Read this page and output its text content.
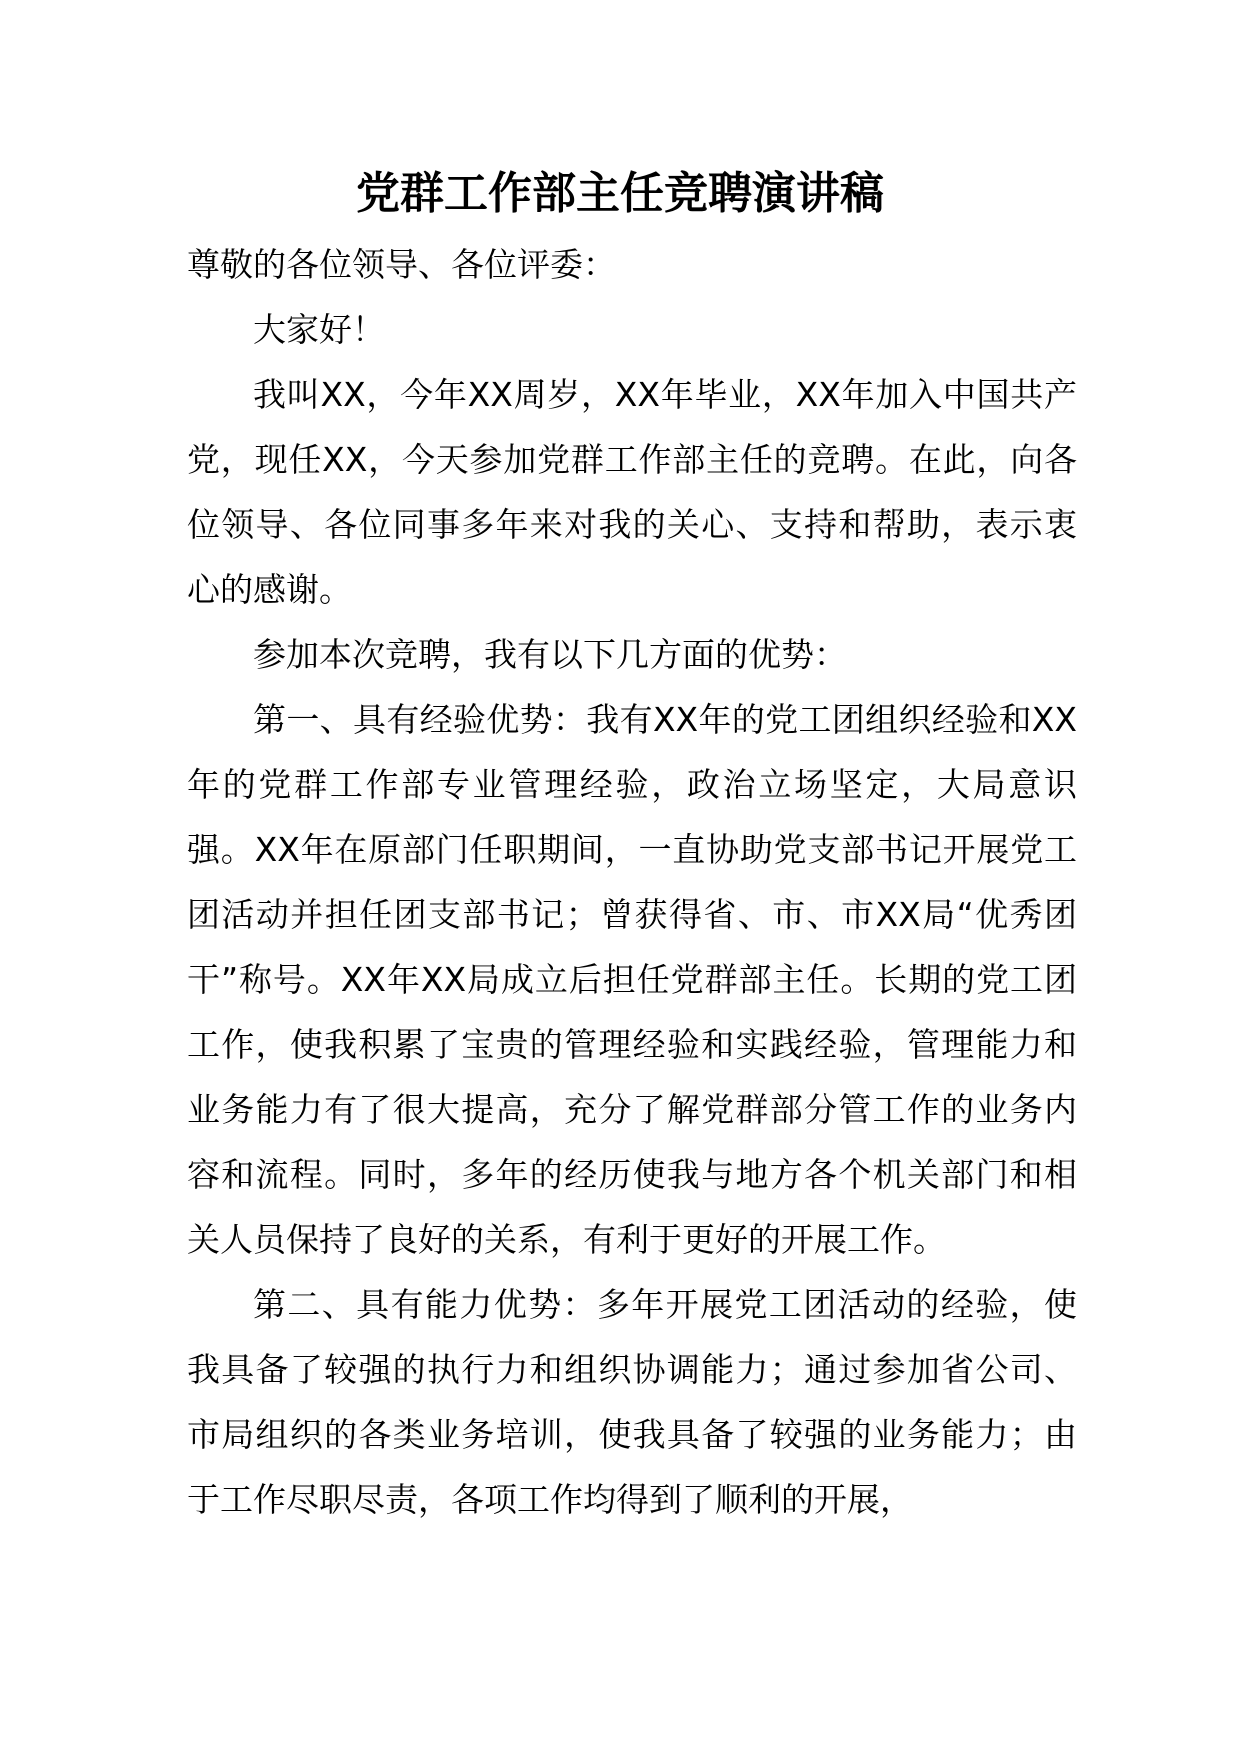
党群工作部主任竞聘演讲稿

尊敬的各位领导、各位评委：

大家好！

我叫XX，今年XX周岁，XX年毕业，XX年加入中国共产党，现任XX，今天参加党群工作部主任的竞聘。在此，向各位领导、各位同事多年来对我的关心、支持和帮助，表示衷心的感谢。

参加本次竞聘，我有以下几方面的优势：

第一、具有经验优势：我有XX年的党工团组织经验和XX年的党群工作部专业管理经验，政治立场坚定，大局意识强。XX年在原部门任职期间，一直协助党支部书记开展党工团活动并担任团支部书记；曾获得省、市、市XX局“优秀团干”称号。XX年XX局成立后担任党群部主任。长期的党工团工作，使我积累了宝贵的管理经验和实践经验，管理能力和业务能力有了很大提高，充分了解党群部分管工作的业务内容和流程。同时，多年的经历使我与地方各个机关部门和相关人员保持了良好的关系，有利于更好的开展工作。

第二、具有能力优势：多年开展党工团活动的经验，使我具备了较强的执行力和组织协调能力；通过参加省公司、市局组织的各类业务培训，使我具备了较强的业务能力；由于工作尽职尽责，各项工作均得到了顺利的开展，
